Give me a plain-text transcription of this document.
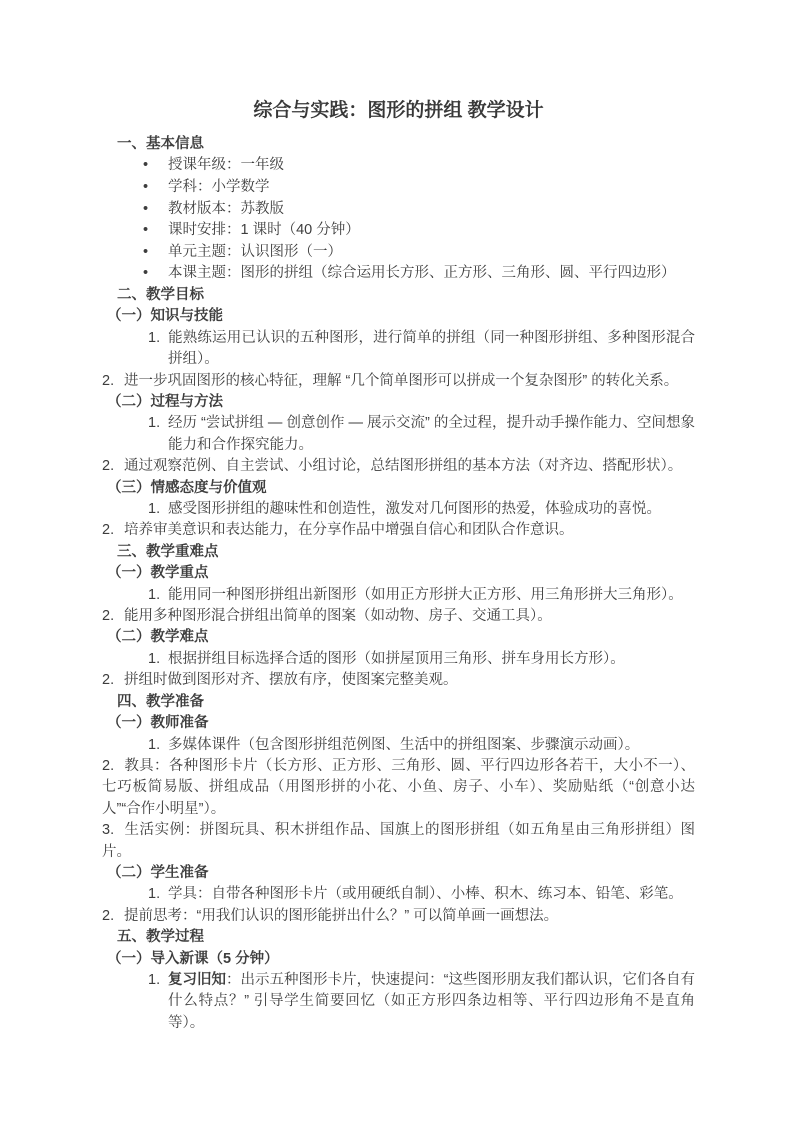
综合与实践：图形的拼组 教学设计
一、基本信息
• 授课年级：一年级
• 学科：小学数学
• 教材版本：苏教版
• 课时安排：1 课时（40 分钟）
• 单元主题：认识图形（一）
• 本课主题：图形的拼组（综合运用长方形、正方形、三角形、圆、平行四边形）
二、教学目标
（一）知识与技能
1. 能熟练运用已认识的五种图形，进行简单的拼组（同一种图形拼组、多种图形混合拼组）。
2. 进一步巩固图形的核心特征，理解 “几个简单图形可以拼成一个复杂图形” 的转化关系。
（二）过程与方法
1. 经历 “尝试拼组 — 创意创作 — 展示交流” 的全过程，提升动手操作能力、空间想象能力和合作探究能力。
2. 通过观察范例、自主尝试、小组讨论，总结图形拼组的基本方法（对齐边、搭配形状）。
（三）情感态度与价值观
1. 感受图形拼组的趣味性和创造性，激发对几何图形的热爱，体验成功的喜悦。
2. 培养审美意识和表达能力，在分享作品中增强自信心和团队合作意识。
三、教学重难点
（一）教学重点
1. 能用同一种图形拼组出新图形（如用正方形拼大正方形、用三角形拼大三角形）。
2. 能用多种图形混合拼组出简单的图案（如动物、房子、交通工具）。
（二）教学难点
1. 根据拼组目标选择合适的图形（如拼屋顶用三角形、拼车身用长方形）。
2. 拼组时做到图形对齐、摆放有序，使图案完整美观。
四、教学准备
（一）教师准备
1. 多媒体课件（包含图形拼组范例图、生活中的拼组图案、步骤演示动画）。
2. 教具：各种图形卡片（长方形、正方形、三角形、圆、平行四边形各若干，大小不一）、七巧板简易版、拼组成品（用图形拼的小花、小鱼、房子、小车）、奖励贴纸（“创意小达人”“合作小明星”）。
3. 生活实例：拼图玩具、积木拼组作品、国旗上的图形拼组（如五角星由三角形拼组）图片。
（二）学生准备
1. 学具：自带各种图形卡片（或用硬纸自制）、小棒、积木、练习本、铅笔、彩笔。
2. 提前思考：“用我们认识的图形能拼出什么？” 可以简单画一画想法。
五、教学过程
（一）导入新课（5 分钟）
1. 复习旧知：出示五种图形卡片，快速提问：“这些图形朋友我们都认识，它们各自有什么特点？” 引导学生简要回忆（如正方形四条边相等、平行四边形角不是直角等）。
